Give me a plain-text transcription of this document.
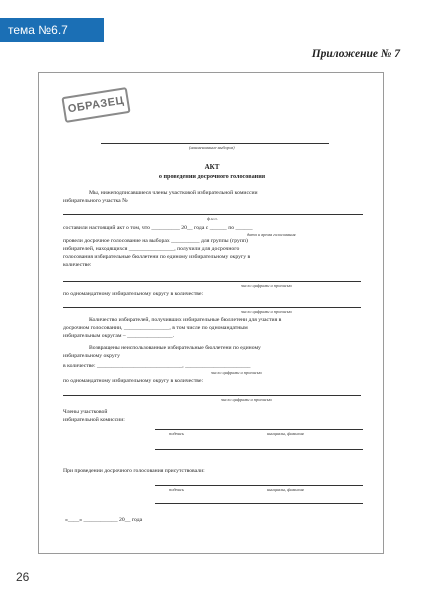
тема №6.7
Приложение № 7
ОБРАЗЕЦ
(наименование выборов)
АКТ
о проведении досрочного голосования
Мы, нижеподписавшиеся члены участковой избирательной комиссии
избирательного участка №
ф.и.о.
составили настоящий акт о том, что __________ 20__ года с ______ по ______
дата и время голосования
провели досрочное голосование на выборах __________ для группы (групп)
избирателей, находящихся ________________, получили для досрочного
голосования избирательные бюллетени по единому избирательному округу в
количестве:
число цифрами и прописью
по одномандатному избирательному округу в количестве:
число цифрами и прописью
Количество избирателей, получивших избирательные бюллетени для участия в
досрочном голосовании, ________________, в том числе по одномандатным
избирательным округам – ________________.
Возвращены неиспользованные избирательные бюллетени по единому
избирательному округу
в количестве: ______________________________, _______________________
число цифрами и прописью
по одномандатному избирательному округу в количестве:
число цифрами и прописью
Члены участковой
избирательной комиссии:
подпись	инициалы, фамилия
При проведении досрочного голосования присутствовали:
подпись	инициалы, фамилия
«____» ____________ 20__ года
26
